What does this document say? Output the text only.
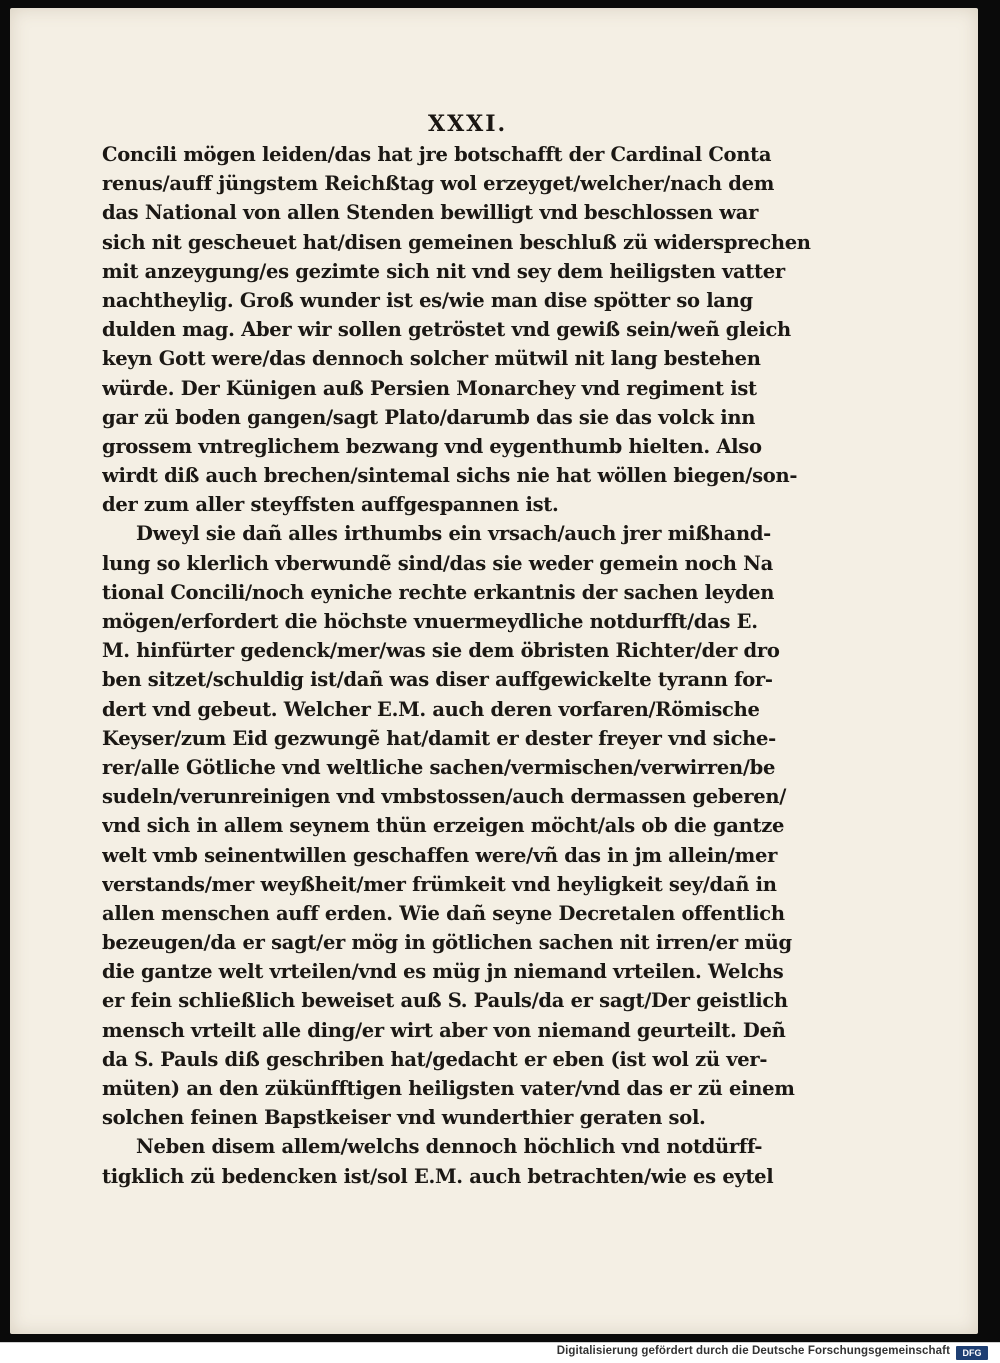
XXXI.
Concili mögen leiden/das hat jre botschafft der Cardinal Conta
renus/auff jüngstem Reichßtag wol erzeyget/welcher/nach dem
das National von allen Stenden bewilligt vnd beschlossen war
sich nit gescheuet hat/disen gemeinen beschluß zü widersprechen
mit anzeygung/es gezimte sich nit vnd sey dem heiligsten vatter
nachtheylig. Groß wunder ist es/wie man dise spötter so lang
dulden mag. Aber wir sollen getröstet vnd gewiß sein/weñ gleich
keyn Gott were/das dennoch solcher mütwil nit lang bestehen
würde. Der Künigen auß Persien Monarchey vnd regiment ist
gar zü boden gangen/sagt Plato/darumb das sie das volck inn
grossem vntreglichem bezwang vnd eygenthumb hielten. Also
wirdt diß auch brechen/sintemal sichs nie hat wöllen biegen/son-
der zum aller steyffsten auffgespannen ist.
Dweyl sie dañ alles irthumbs ein vrsach/auch jrer mißhand-
lung so klerlich vberwundẽ sind/das sie weder gemein noch Na
tional Concili/noch eyniche rechte erkantnis der sachen leyden
mögen/erfordert die höchste vnuermeydliche notdurfft/das E.
M. hinfürter gedenck/mer/was sie dem öbristen Richter/der dro
ben sitzet/schuldig ist/dañ was diser auffgewickelte tyrann for-
dert vnd gebeut. Welcher E.M. auch deren vorfaren/Römische
Keyser/zum Eid gezwungẽ hat/damit er dester freyer vnd siche-
rer/alle Götliche vnd weltliche sachen/vermischen/verwirren/be
sudeln/verunreinigen vnd vmbstossen/auch dermassen geberen/
vnd sich in allem seynem thün erzeigen möcht/als ob die gantze
welt vmb seinentwillen geschaffen were/vñ das in jm allein/mer
verstands/mer weyßheit/mer frümkeit vnd heyligkeit sey/dañ in
allen menschen auff erden. Wie dañ seyne Decretalen offentlich
bezeugen/da er sagt/er mög in götlichen sachen nit irren/er müg
die gantze welt vrteilen/vnd es müg jn niemand vrteilen. Welchs
er fein schließlich beweiset auß S. Pauls/da er sagt/Der geistlich
mensch vrteilt alle ding/er wirt aber von niemand geurteilt. Deñ
da S. Pauls diß geschriben hat/gedacht er eben (ist wol zü ver-
müten) an den zükünfftigen heiligsten vater/vnd das er zü einem
solchen feinen Bapstkeiser vnd wunderthier geraten sol.
Neben disem allem/welchs dennoch höchlich vnd notdürff-
tigklich zü bedencken ist/sol E.M. auch betrachten/wie es eytel
Digitalisierung gefördert durch die Deutsche Forschungsgemeinschaft	DFG
